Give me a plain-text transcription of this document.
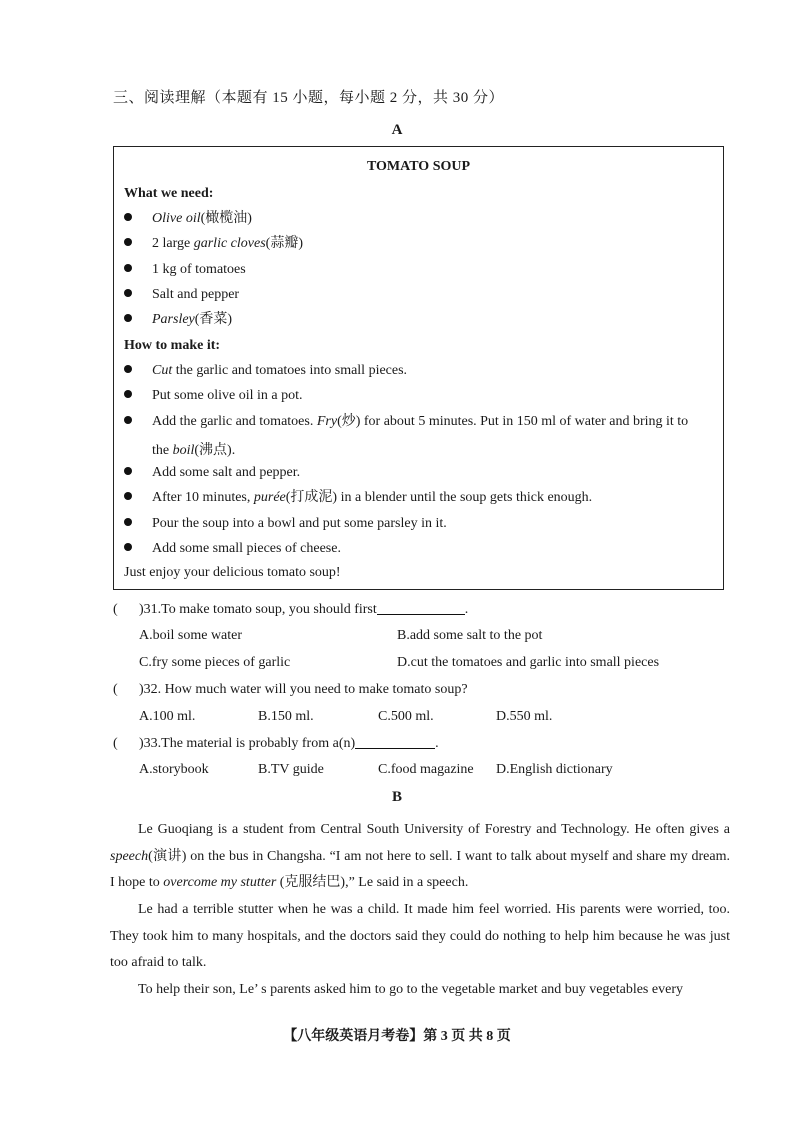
三、阅读理解（本题有 15 小题，每小题 2 分，共 30 分）
A
TOMATO SOUP
What we need:
Olive oil(橄榄油)
2 large garlic cloves(蒜瓣)
1 kg of tomatoes
Salt and pepper
Parsley(香菜)
How to make it:
Cut the garlic and tomatoes into small pieces.
Put some olive oil in a pot.
Add the garlic and tomatoes. Fry(炒) for about 5 minutes. Put in 150 ml of water and bring it to
the boil(沸点).
Add some salt and pepper.
After 10 minutes, purée(打成泥) in a blender until the soup gets thick enough.
Pour the soup into a bowl and put some parsley in it.
Add some small pieces of cheese.
Just enjoy your delicious tomato soup!
( )31.To make tomato soup, you should first	.
A.boil some water	B.add some salt to the pot
C.fry some pieces of garlic	D.cut the tomatoes and garlic into small pieces
( )32. How much water will you need to make tomato soup?
A.100 ml.	B.150 ml.	C.500 ml.	D.550 ml.
( )33.The material is probably from a(n)	.
A.storybook	B.TV guide	C.food magazine D.English dictionary
B

Le Guoqiang is a student from Central South University of Forestry and Technology. He often gives a speech(演讲) on the bus in Changsha. “I am not here to sell. I want to talk about myself and share my dream. I hope to overcome my stutter (克服结巴),” Le said in a speech.

Le had a terrible stutter when he was a child. It made him feel worried. His parents were worried, too. They took him to many hospitals, and the doctors said they could do nothing to help him because he was just too afraid to talk.

To help their son, Le’ s parents asked him to go to the vegetable market and buy vegetables every

【八年级英语月考卷】第 3 页 共 8 页
